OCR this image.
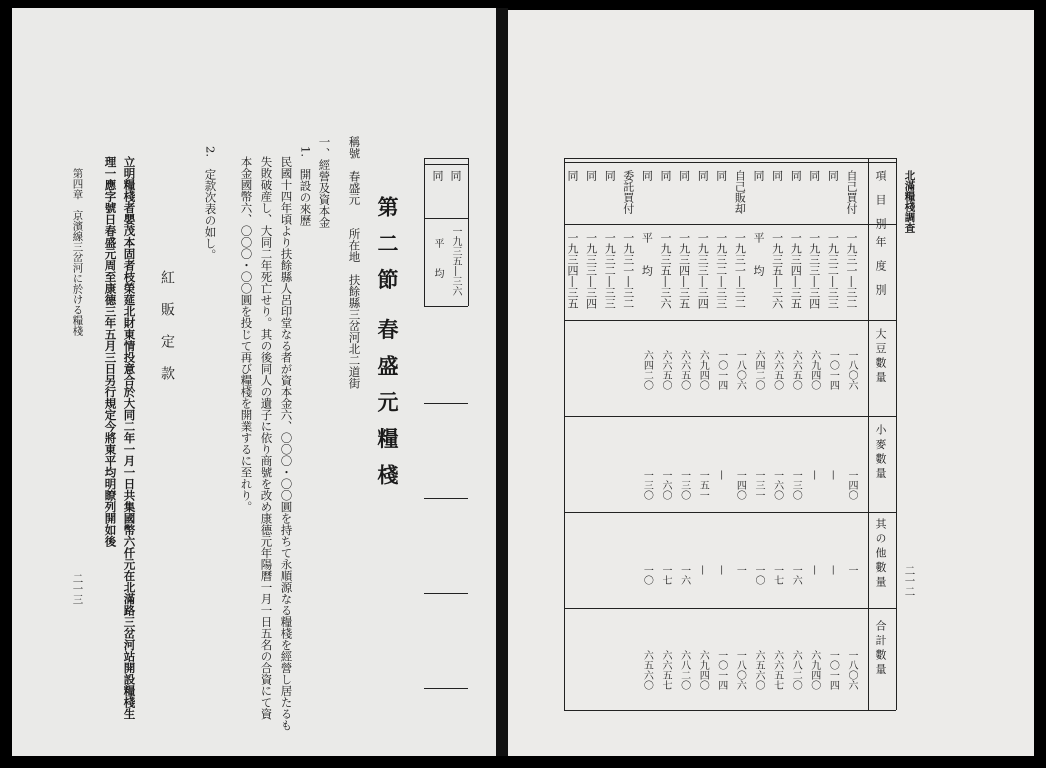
同
同
一九三五―三六
平　　均
第 二 節　春 盛 元 糧 棧
稱號　春盛元　　所在地　扶餘縣三岔河北二道街
一、經營及資本金
1.　開設の來歷
民國十四年頃より扶餘縣人呂印堂なる者が資本金六、〇〇〇・〇〇圓を持ちて永順源なる糧棧を經營し居たるも
失敗破産し、大同二年死亡せり。其の後同人の遺子に依り商號を改め康德元年陽曆一月一日五名の合資にて資
本金國幣六、〇〇〇・〇〇圓を投じて再び糧棧を開業するに至れり。
2.　定款次表の如し。
紅　販　定　款
立明糧棧者嬰茂本固者枝榮莚北財東情投意合於大同二年一月一日共集國幣六仟元在北滿路三岔河站開設糧棧生
理一應字號日春盛元周至康德三年五月三日另行規定今將東平均明瞭列開如後
第四章　京濱線三岔河に於ける糧棧
二一三
北滿糧棧調査
二一二
項　目　別
年　度　別
大 豆 數 量
小 麥 數 量
其 の 他 數 量
合 計 數 量
自己買付
一九三一―三二
一八〇六
一四〇
一
一八〇六
同
一九三二―三三
一〇一四
—
—
一〇一四
同
一九三三―三四
六九四〇
—
—
六九四〇
同
一九三四―三五
六六五〇
一三〇
一六
六八二〇
同
一九三五―三六
六六五〇
一六〇
一七
六六五七
同
平　　均
六四二〇
一三一
一〇
六五六〇
自己販却
一九三一―三二
一八〇六
一四〇
一
一八〇六
同
一九三二―三三
一〇一四
—
—
一〇一四
同
一九三三―三四
六九四〇
一五一
—
六九四〇
同
一九三四―三五
六六五〇
一三〇
一六
六八二〇
同
一九三五―三六
六六五〇
一六〇
一七
六六五七
同
平　　均
六四二〇
一三〇
一〇
六五六〇
委託買付
一九三一―三二
同
一九三二―三三
同
一九三三―三四
同
一九三四―三五
